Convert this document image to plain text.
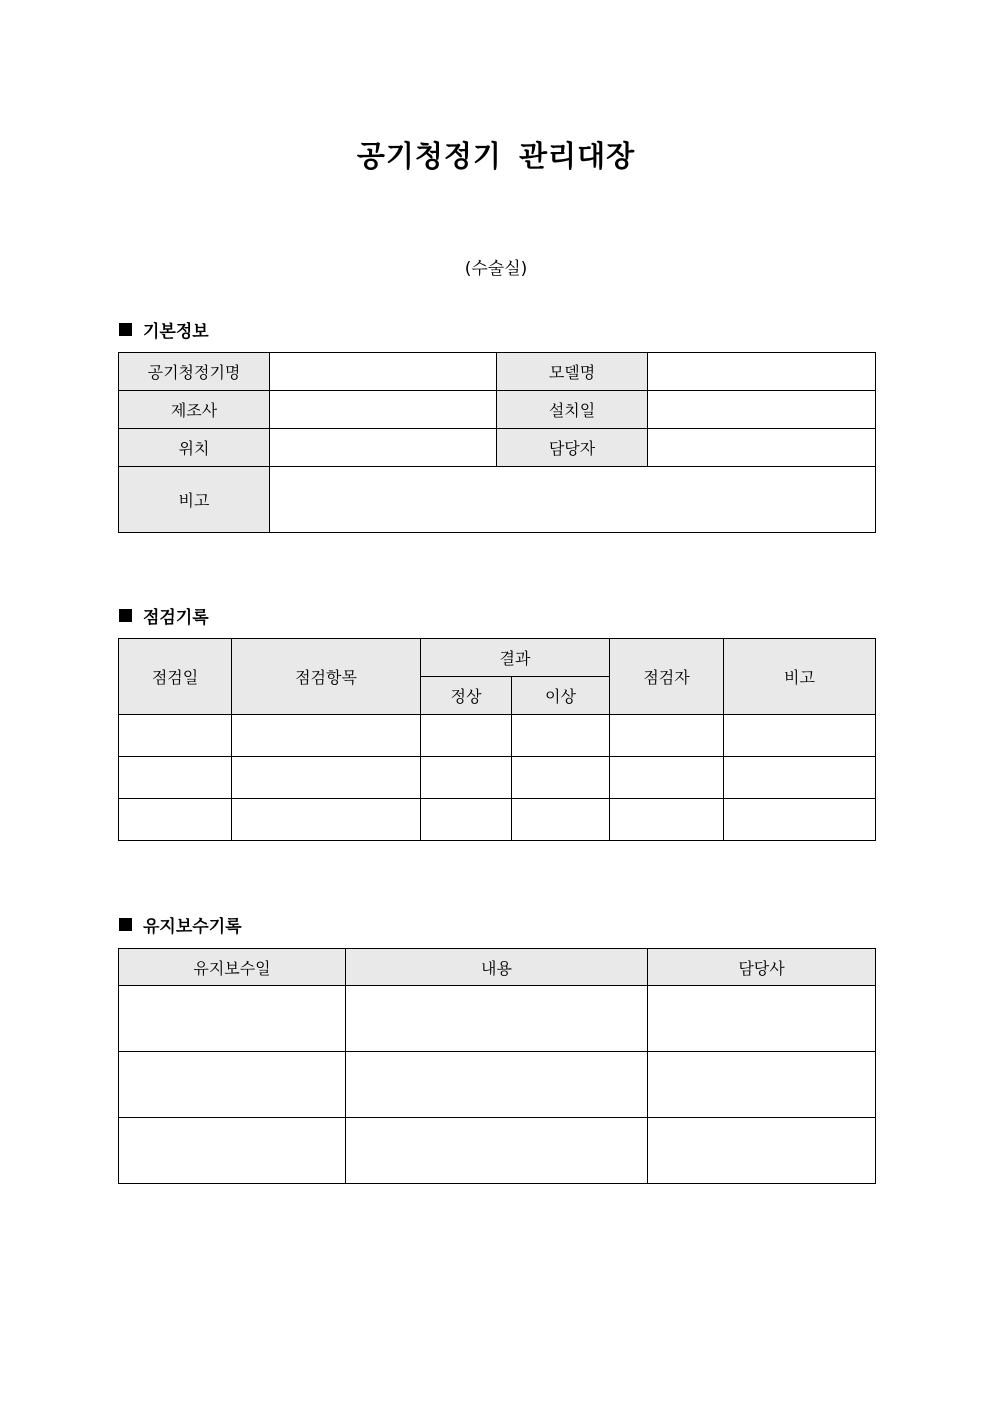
공기청정기 관리대장
(수술실)
기본정보
공기청정기명		모델명	
제조사		설치일	
위치		담당자	
비고			
점검기록
점검일	점검항목	결과		점검자	비고
		정상	이상		

유지보수기록
유지보수일	내용	담당사
